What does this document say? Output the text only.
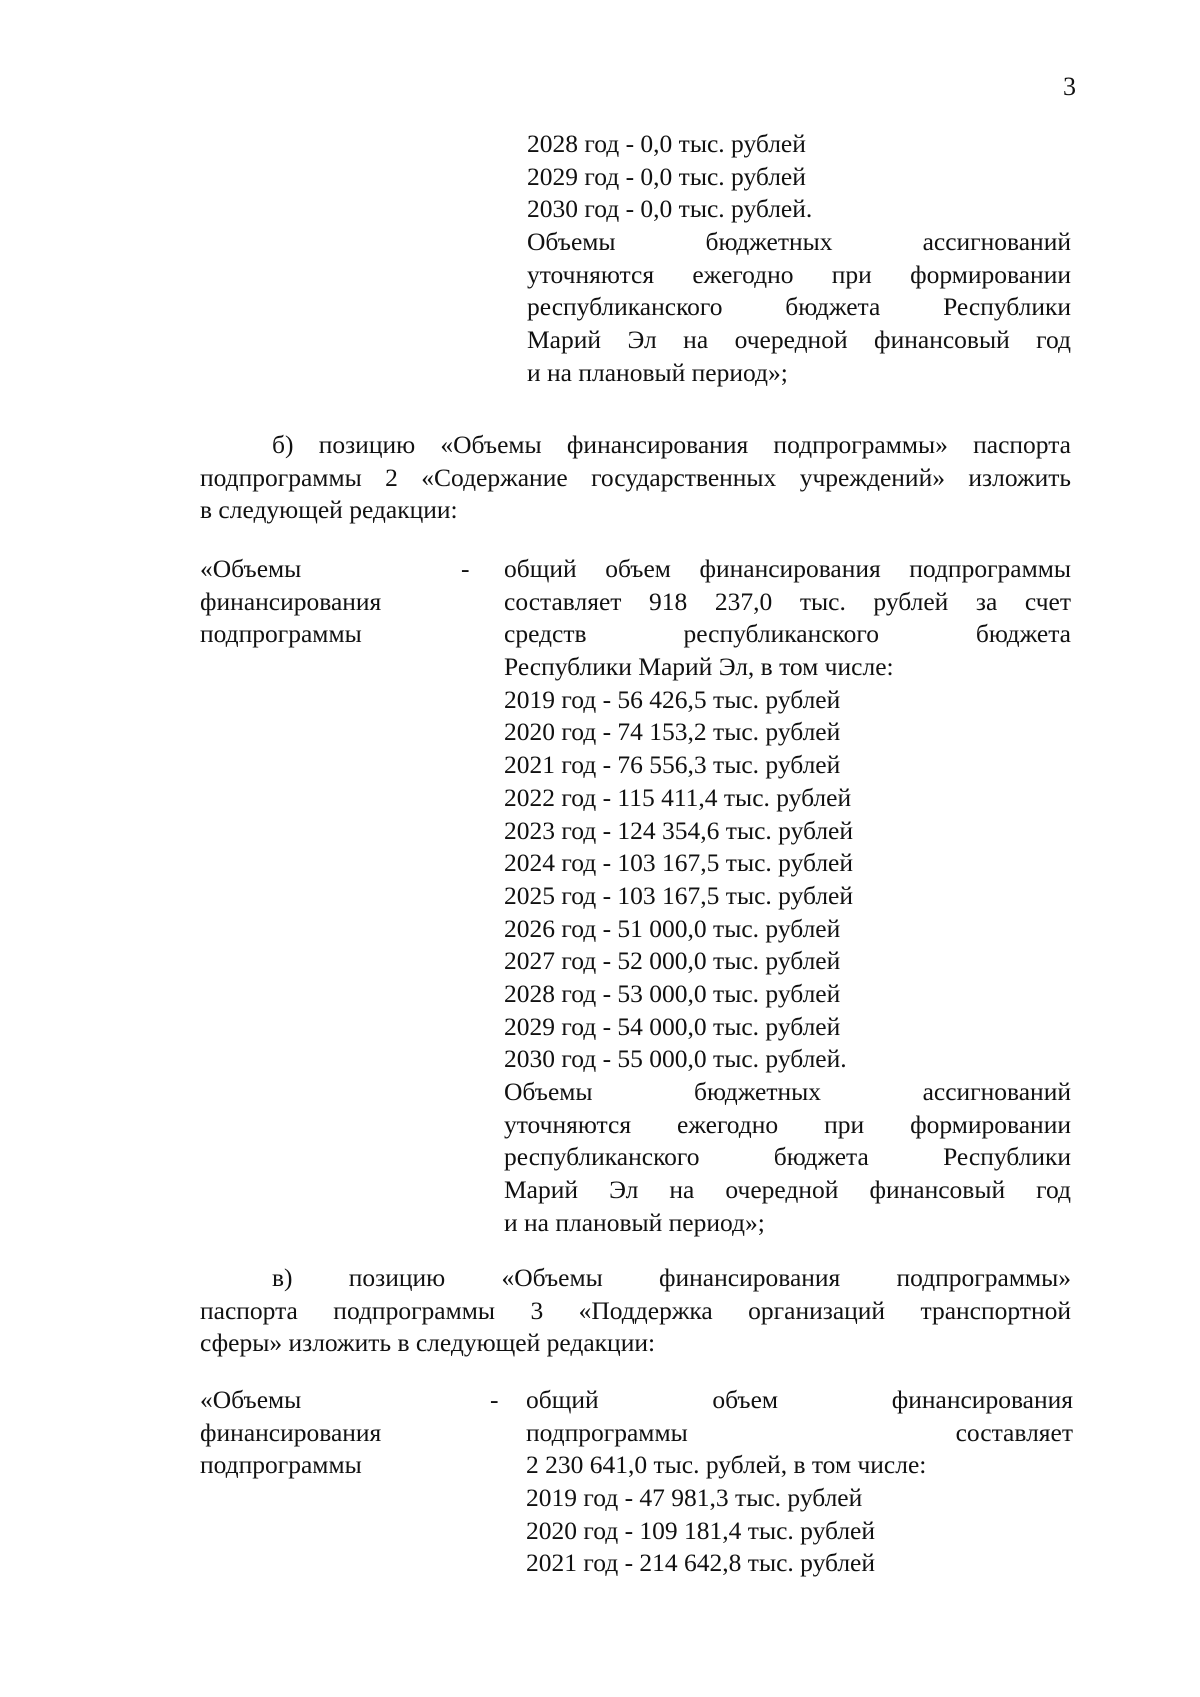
3
2028 год - 0,0 тыс. рублей
2029 год - 0,0 тыс. рублей
2030 год - 0,0 тыс. рублей.
Объемы бюджетных ассигнований
уточняются ежегодно при формировании
республиканского бюджета Республики
Марий Эл на очередной финансовый год
и на плановый период»;
б) позицию «Объемы финансирования подпрограммы» паспорта
подпрограммы 2 «Содержание государственных учреждений» изложить
в следующей редакции:
«Объемы
финансирования
подпрограммы
- общий объем финансирования подпрограммы
составляет 918 237,0 тыс. рублей за счет
средств республиканского бюджета
Республики Марий Эл, в том числе:
2019 год - 56 426,5 тыс. рублей
2020 год - 74 153,2 тыс. рублей
2021 год - 76 556,3 тыс. рублей
2022 год - 115 411,4 тыс. рублей
2023 год - 124 354,6 тыс. рублей
2024 год - 103 167,5 тыс. рублей
2025 год - 103 167,5 тыс. рублей
2026 год - 51 000,0 тыс. рублей
2027 год - 52 000,0 тыс. рублей
2028 год - 53 000,0 тыс. рублей
2029 год - 54 000,0 тыс. рублей
2030 год - 55 000,0 тыс. рублей.
Объемы бюджетных ассигнований
уточняются ежегодно при формировании
республиканского бюджета Республики
Марий Эл на очередной финансовый год
и на плановый период»;
в) позицию «Объемы финансирования подпрограммы»
паспорта подпрограммы 3 «Поддержка организаций транспортной
сферы» изложить в следующей редакции:
«Объемы
финансирования
подпрограммы
- общий объем финансирования
подпрограммы составляет
2 230 641,0 тыс. рублей, в том числе:
2019 год - 47 981,3 тыс. рублей
2020 год - 109 181,4 тыс. рублей
2021 год - 214 642,8 тыс. рублей
